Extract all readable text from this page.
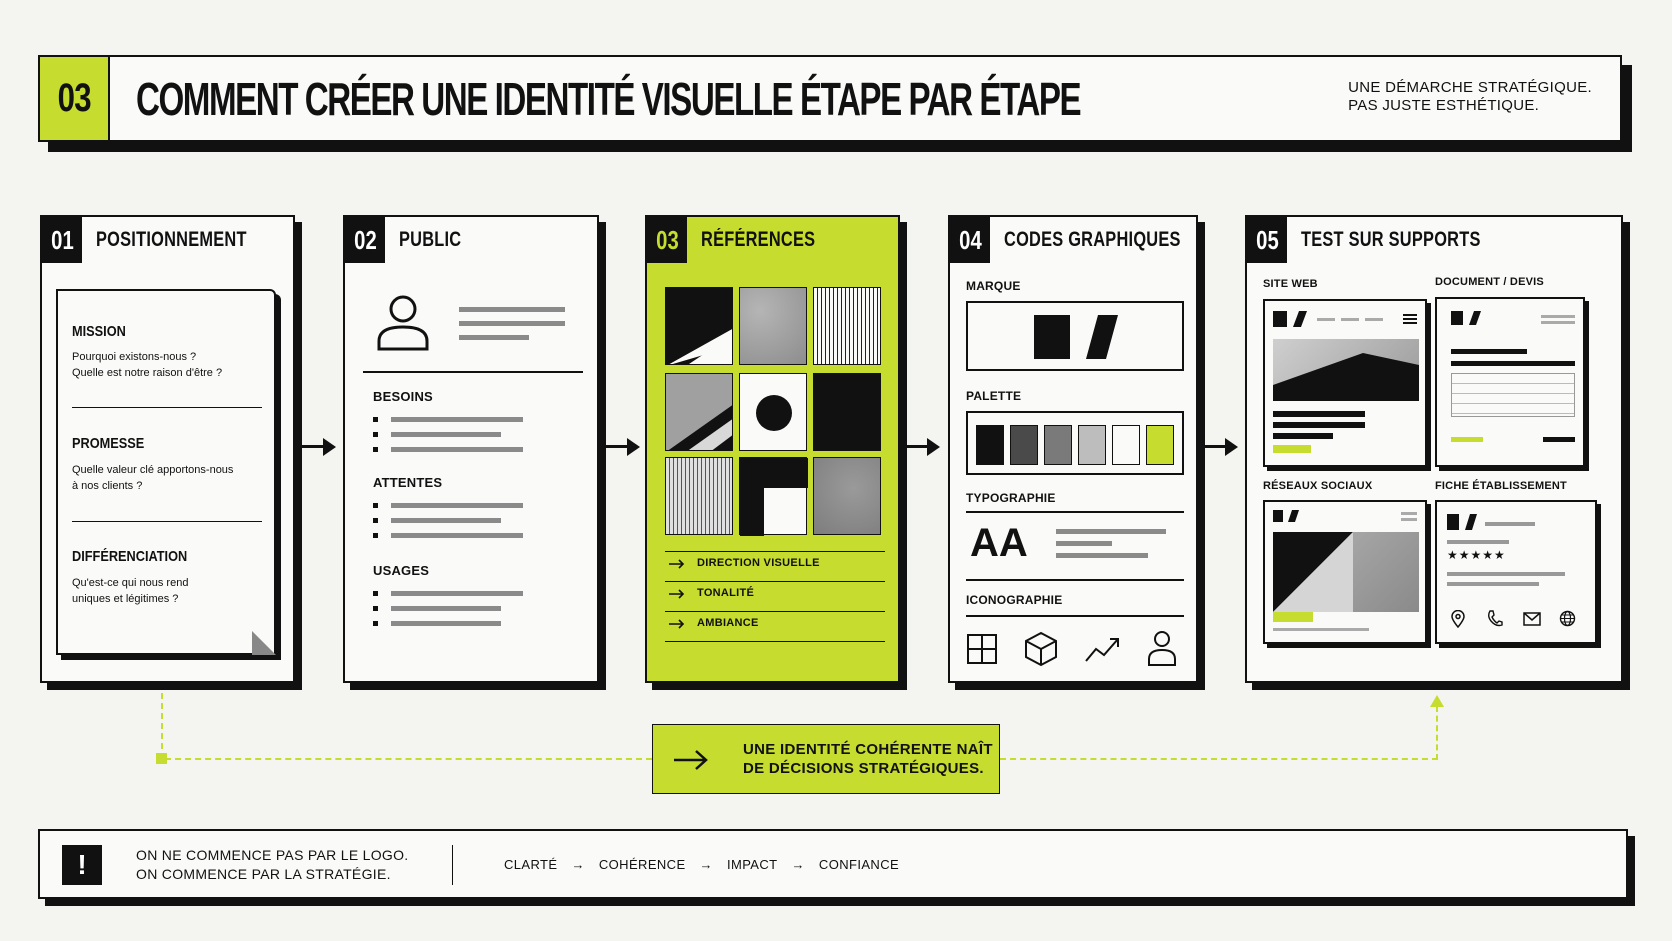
03 COMMENT CRÉER UNE IDENTITÉ VISUELLE ÉTAPE PAR ÉTAPE	UNE DÉMARCHE STRATÉGIQUE.
PAS JUSTE ESTHÉTIQUE.
01 POSITIONNEMENT
MISSION
Pourquoi existons-nous ?
Quelle est notre raison d'être ?
PROMESSE
Quelle valeur clé apportons-nous
à nos clients ?
DIFFÉRENCIATION
Qu'est-ce qui nous rend
uniques et légitimes ?
02 PUBLIC
BESOINS
ATTENTES
USAGES
03 RÉFÉRENCES
DIRECTION VISUELLE
TONALITÉ
AMBIANCE
04 CODES GRAPHIQUES
MARQUE
PALETTE
TYPOGRAPHIE
AA
ICONOGRAPHIE
05 TEST SUR SUPPORTS
SITE WEB	DOCUMENT / DEVIS
RÉSEAUX SOCIAUX	FICHE ÉTABLISSEMENT
★★★★★
UNE IDENTITÉ COHÉRENTE NAÎT
DE DÉCISIONS STRATÉGIQUES.
!	ON NE COMMENCE PAS PAR LE LOGO.
ON COMMENCE PAR LA STRATÉGIE.
CLARTÉ → COHÉRENCE → IMPACT → CONFIANCE
